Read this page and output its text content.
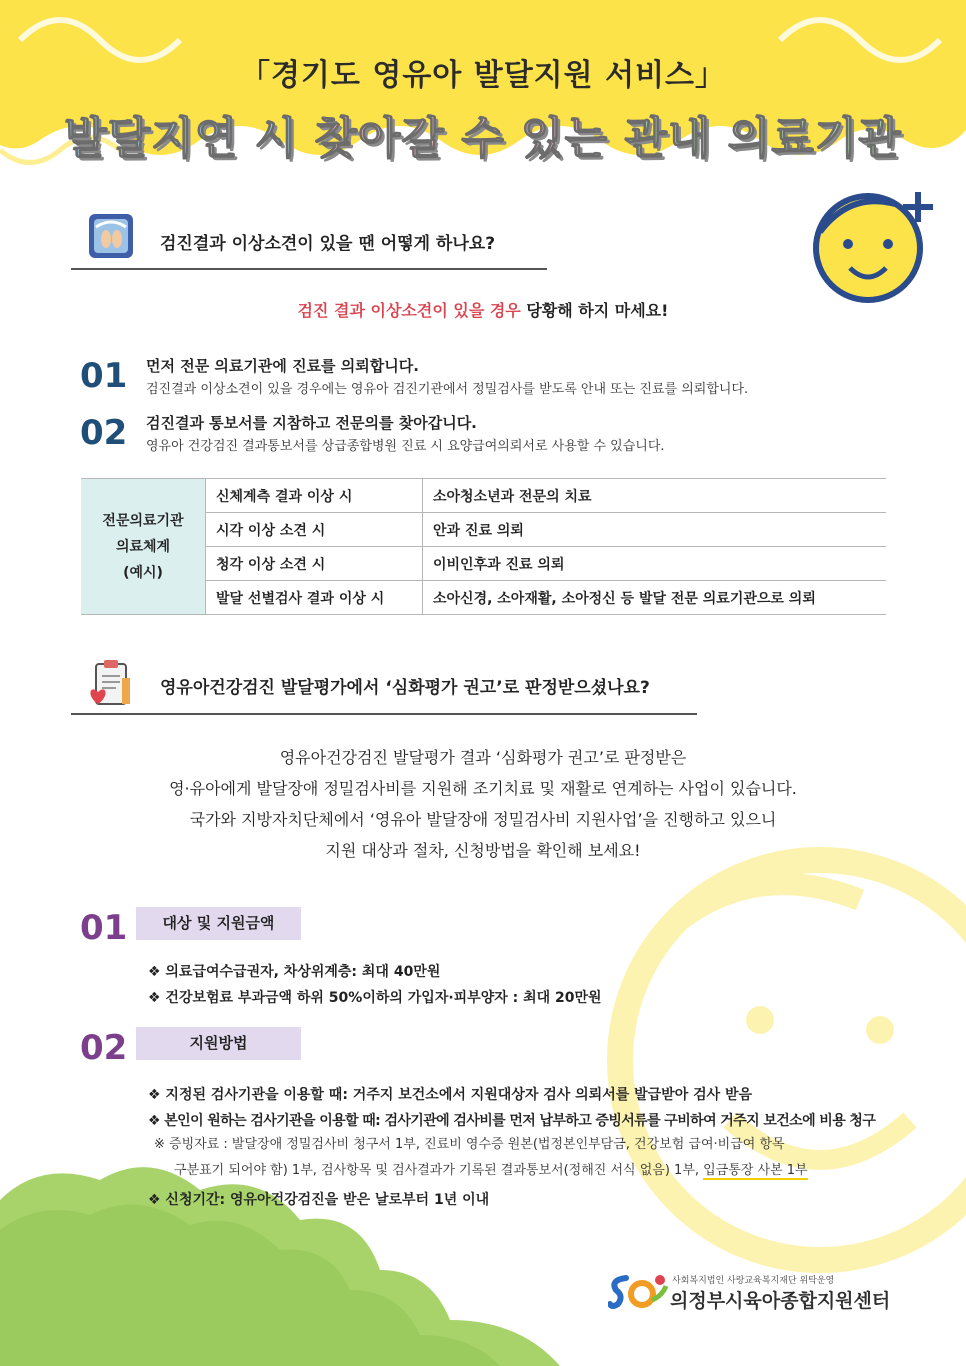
「경기도 영유아 발달지원 서비스」
발달지연 시 찾아갈 수 있는 관내 의료기관
검진결과 이상소견이 있을 땐 어떻게 하나요?
검진 결과 이상소견이 있을 경우 당황해 하지 마세요!
01 먼저 전문 의료기관에 진료를 의뢰합니다.
검진결과 이상소견이 있을 경우에는 영유아 검진기관에서 정밀검사를 받도록 안내 또는 진료를 의뢰합니다.
02 검진결과 통보서를 지참하고 전문의를 찾아갑니다.
영유아 건강검진 결과통보서를 상급종합병원 진료 시 요양급여의뢰서로 사용할 수 있습니다.
전문의료기관
의료체계
(예시)	신체계측 결과 이상 시	소아청소년과 전문의 치료
	시각 이상 소견 시	안과 진료 의뢰
	청각 이상 소견 시	이비인후과 진료 의뢰
	발달 선별검사 결과 이상 시	소아신경, 소아재활, 소아정신 등 발달 전문 의료기관으로 의뢰
영유아건강검진 발달평가에서 ‘심화평가 권고’로 판정받으셨나요?
영유아건강검진 발달평가 결과 ‘심화평가 권고’로 판정받은
영·유아에게 발달장애 정밀검사비를 지원해 조기치료 및 재활로 연계하는 사업이 있습니다.
국가와 지방자치단체에서 ‘영유아 발달장애 정밀검사비 지원사업’을 진행하고 있으니
지원 대상과 절차, 신청방법을 확인해 보세요!
01	대상 및 지원금액
❖ 의료급여수급권자, 차상위계층: 최대 40만원
❖ 건강보험료 부과금액 하위 50%이하의 가입자·피부양자 : 최대 20만원
02	지원방법
❖ 지정된 검사기관을 이용할 때: 거주지 보건소에서 지원대상자 검사 의뢰서를 발급받아 검사 받음
❖ 본인이 원하는 검사기관을 이용할 때: 검사기관에 검사비를 먼저 납부하고 증빙서류를 구비하여 거주지 보건소에 비용 청구
※ 증빙자료 : 발달장애 정밀검사비 청구서 1부, 진료비 영수증 원본(법정본인부담금, 건강보험 급여·비급여 항목
구분표기 되어야 함) 1부, 검사항목 및 검사결과가 기록된 결과통보서(정해진 서식 없음) 1부, 입금통장 사본 1부
❖ 신청기간: 영유아건강검진을 받은 날로부터 1년 이내
사회복지법인 사랑교육복지재단 위탁운영
의정부시육아종합지원센터
